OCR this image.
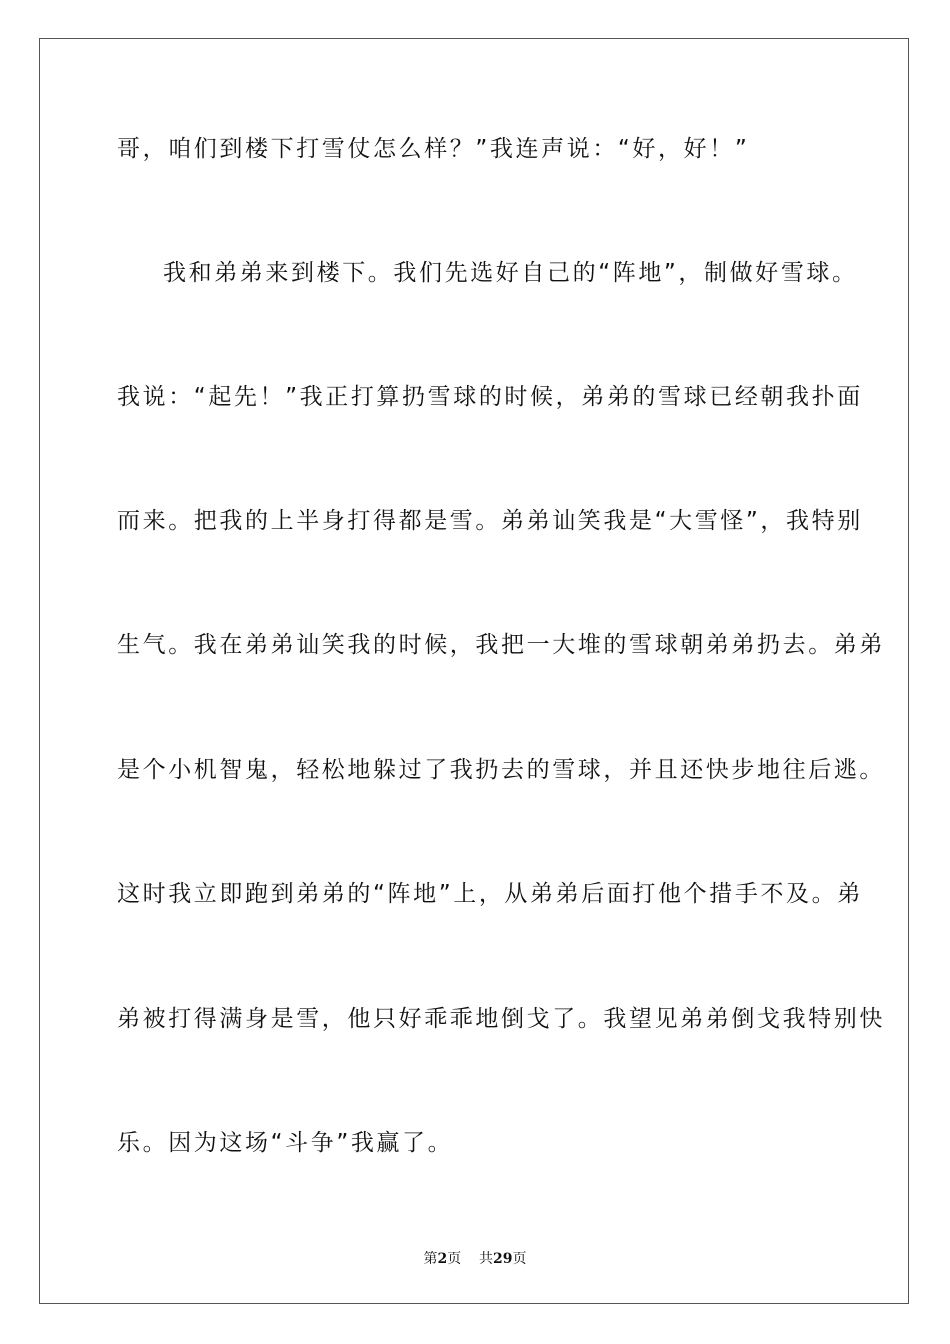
哥，咱们到楼下打雪仗怎么样？”我连声说：“好，好！”
我和弟弟来到楼下。我们先选好自己的“阵地”，制做好雪球。
我说：“起先！”我正打算扔雪球的时候，弟弟的雪球已经朝我扑面
而来。把我的上半身打得都是雪。弟弟讪笑我是“大雪怪”，我特别
生气。我在弟弟讪笑我的时候，我把一大堆的雪球朝弟弟扔去。弟弟
是个小机智鬼，轻松地躲过了我扔去的雪球，并且还快步地往后逃。
这时我立即跑到弟弟的“阵地”上，从弟弟后面打他个措手不及。弟
弟被打得满身是雪，他只好乖乖地倒戈了。我望见弟弟倒戈我特别快
乐。因为这场“斗争”我赢了。
第2页 共29页
